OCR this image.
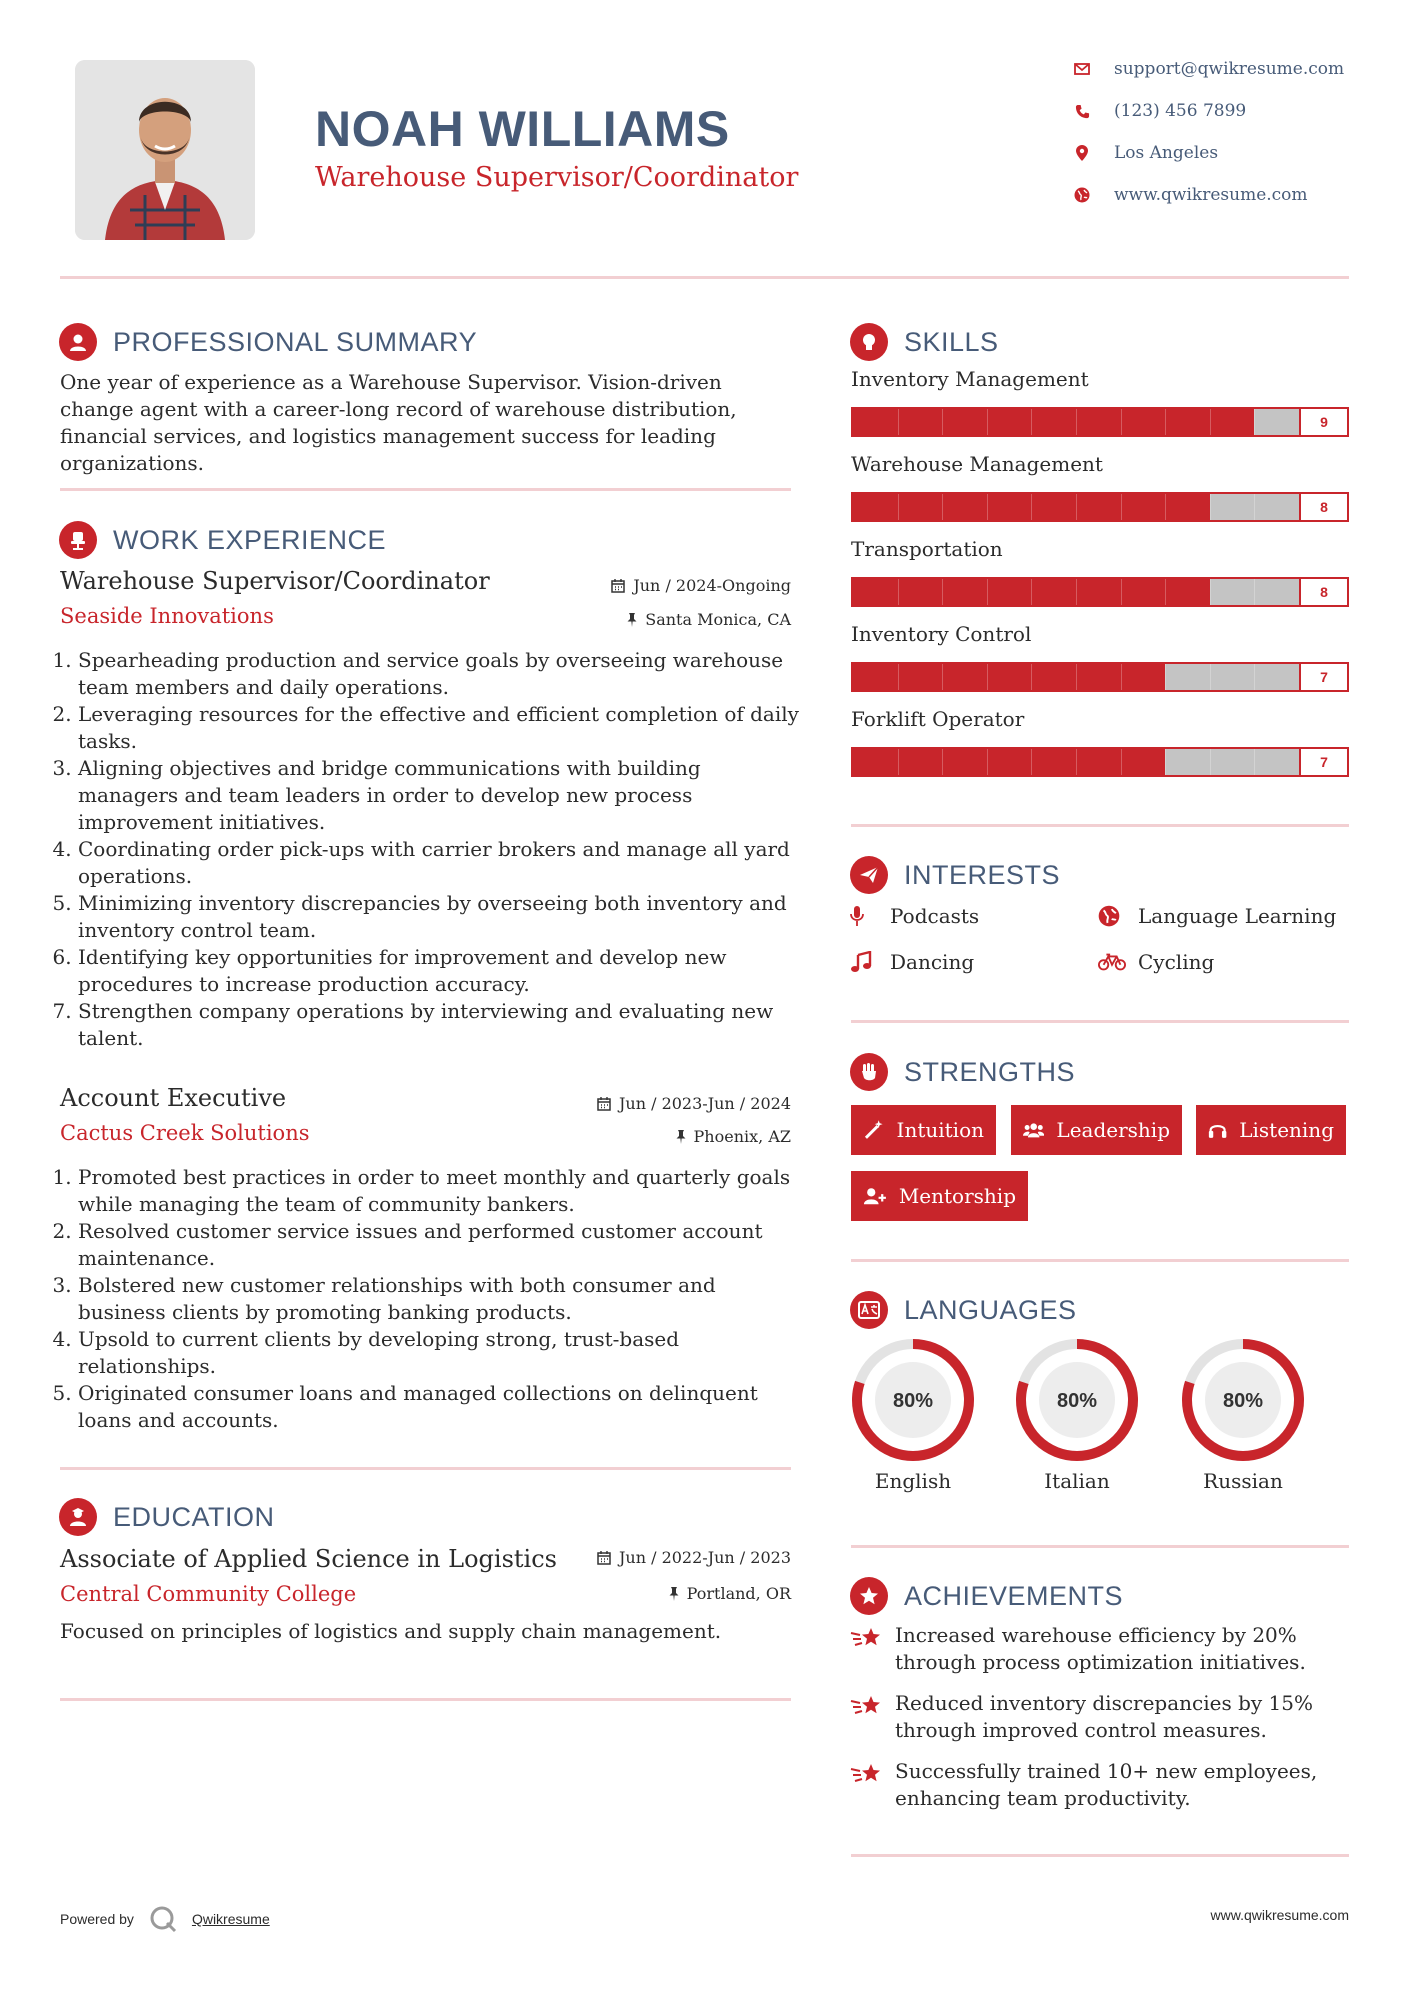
NOAH WILLIAMS
Warehouse Supervisor/Coordinator
support@qwikresume.com
(123) 456 7899
Los Angeles
www.qwikresume.com
PROFESSIONAL SUMMARY
One year of experience as a Warehouse Supervisor. Vision-driven change agent with a career-long record of warehouse distribution, financial services, and logistics management success for leading organizations.
WORK EXPERIENCE
Warehouse Supervisor/Coordinator	Jun / 2024-Ongoing
Seaside Innovations	Santa Monica, CA
1. Spearheading production and service goals by overseeing warehouse team members and daily operations.
2. Leveraging resources for the effective and efficient completion of daily tasks.
3. Aligning objectives and bridge communications with building managers and team leaders in order to develop new process improvement initiatives.
4. Coordinating order pick-ups with carrier brokers and manage all yard operations.
5. Minimizing inventory discrepancies by overseeing both inventory and inventory control team.
6. Identifying key opportunities for improvement and develop new procedures to increase production accuracy.
7. Strengthen company operations by interviewing and evaluating new talent.
Account Executive	Jun / 2023-Jun / 2024
Cactus Creek Solutions	Phoenix, AZ
1. Promoted best practices in order to meet monthly and quarterly goals while managing the team of community bankers.
2. Resolved customer service issues and performed customer account maintenance.
3. Bolstered new customer relationships with both consumer and business clients by promoting banking products.
4. Upsold to current clients by developing strong, trust-based relationships.
5. Originated consumer loans and managed collections on delinquent loans and accounts.
EDUCATION
Associate of Applied Science in Logistics	Jun / 2022-Jun / 2023
Central Community College	Portland, OR
Focused on principles of logistics and supply chain management.
SKILLS
Inventory Management
9
Warehouse Management
8
Transportation
8
Inventory Control
7
Forklift Operator
7
INTERESTS
Podcasts	Language Learning
Dancing	Cycling
STRENGTHS
Intuition	Leadership	Listening
Mentorship
LANGUAGES
80%
English
80%
Italian
80%
Russian
ACHIEVEMENTS
Increased warehouse efficiency by 20% through process optimization initiatives.
Reduced inventory discrepancies by 15% through improved control measures.
Successfully trained 10+ new employees, enhancing team productivity.
Powered by	Qwikresume	www.qwikresume.com
